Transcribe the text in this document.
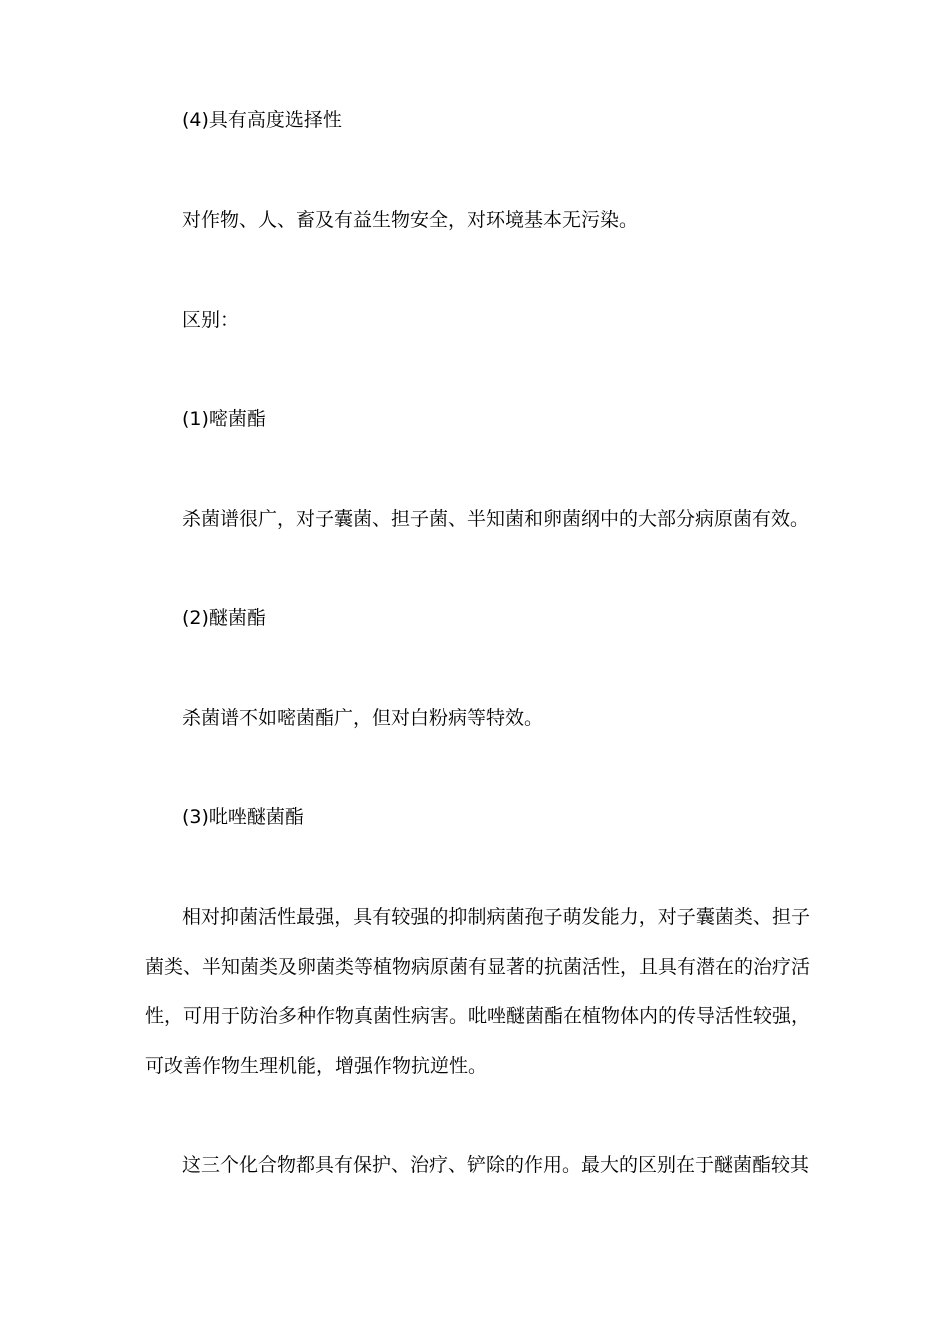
(4)具有高度选择性
对作物、人、畜及有益生物安全，对环境基本无污染。
区别：
(1)嘧菌酯
杀菌谱很广，对子囊菌、担子菌、半知菌和卵菌纲中的大部分病原菌有效。
(2)醚菌酯
杀菌谱不如嘧菌酯广，但对白粉病等特效。
(3)吡唑醚菌酯

相对抑菌活性最强，具有较强的抑制病菌孢子萌发能力，对子囊菌类、担子菌类、半知菌类及卵菌类等植物病原菌有显著的抗菌活性，且具有潜在的治疗活性，可用于防治多种作物真菌性病害。吡唑醚菌酯在植物体内的传导活性较强，可改善作物生理机能，增强作物抗逆性。

这三个化合物都具有保护、治疗、铲除的作用。最大的区别在于醚菌酯较其
